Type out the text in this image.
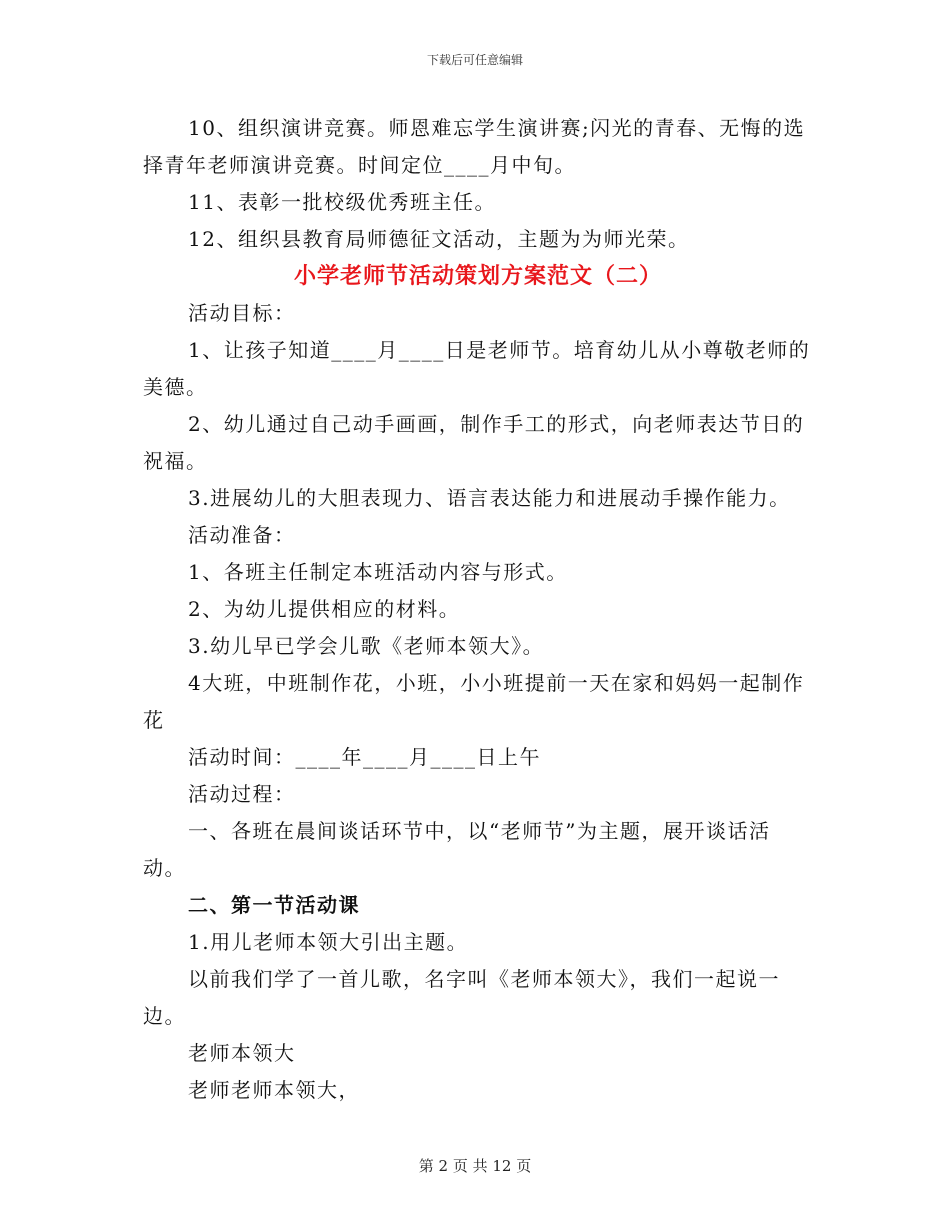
下载后可任意编辑

10、组织演讲竞赛。师恩难忘学生演讲赛;闪光的青春、无悔的选择青年老师演讲竞赛。时间定位____月中旬。

11、表彰一批校级优秀班主任。

12、组织县教育局师德征文活动，主题为为师光荣。

小学老师节活动策划方案范文（二）

活动目标：

1、让孩子知道____月____日是老师节。培育幼儿从小尊敬老师的美德。

2、幼儿通过自己动手画画，制作手工的形式，向老师表达节日的祝福。

3.进展幼儿的大胆表现力、语言表达能力和进展动手操作能力。

活动准备：

1、各班主任制定本班活动内容与形式。

2、为幼儿提供相应的材料。

3.幼儿早已学会儿歌《老师本领大》。

4大班，中班制作花，小班，小小班提前一天在家和妈妈一起制作花

活动时间：____年____月____日上午

活动过程：

一、各班在晨间谈话环节中，以“老师节”为主题，展开谈话活动。

二、第一节活动课

1.用儿老师本领大引出主题。

以前我们学了一首儿歌，名字叫《老师本领大》，我们一起说一边。

老师本领大

老师老师本领大，

第 2 页 共 12 页
